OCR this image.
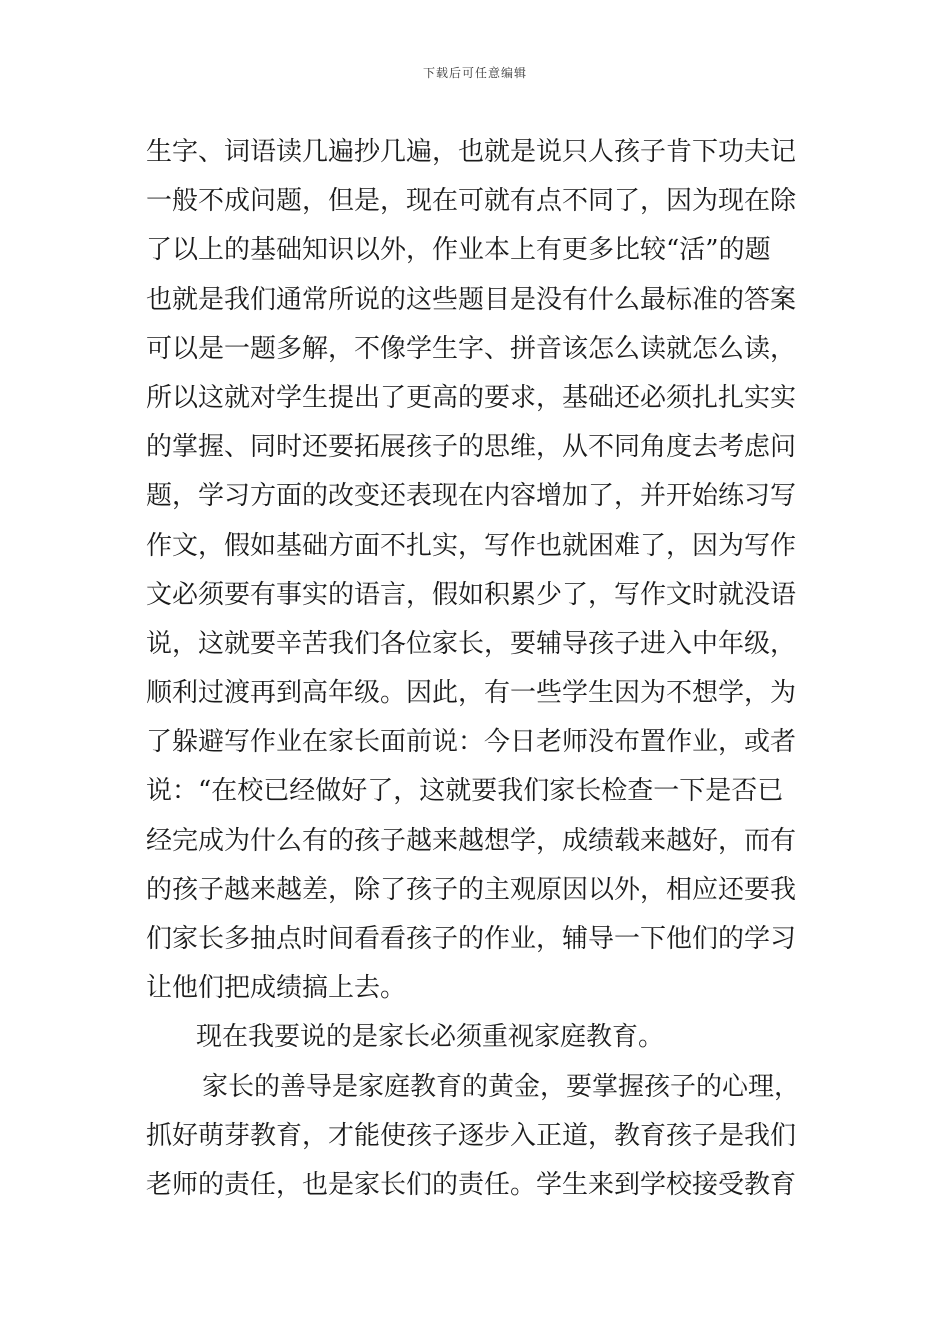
下载后可任意编辑
生字、词语读几遍抄几遍，也就是说只人孩子肯下功夫记
一般不成问题，但是，现在可就有点不同了，因为现在除
了以上的基础知识以外，作业本上有更多比较“活”的题
也就是我们通常所说的这些题目是没有什么最标准的答案
可以是一题多解，不像学生字、拼音该怎么读就怎么读，
所以这就对学生提出了更高的要求，基础还必须扎扎实实
的掌握、同时还要拓展孩子的思维，从不同角度去考虑问
题，学习方面的改变还表现在内容增加了，并开始练习写
作文，假如基础方面不扎实，写作也就困难了，因为写作
文必须要有事实的语言，假如积累少了，写作文时就没语
说，这就要辛苦我们各位家长，要辅导孩子进入中年级，
顺利过渡再到高年级。因此，有一些学生因为不想学，为
了躲避写作业在家长面前说：今日老师没布置作业，或者
说：“在校已经做好了，这就要我们家长检查一下是否已
经完成为什么有的孩子越来越想学，成绩载来越好，而有
的孩子越来越差，除了孩子的主观原因以外，相应还要我
们家长多抽点时间看看孩子的作业，辅导一下他们的学习
让他们把成绩搞上去。
现在我要说的是家长必须重视家庭教育。
家长的善导是家庭教育的黄金，要掌握孩子的心理，
抓好萌芽教育，才能使孩子逐步入正道，教育孩子是我们
老师的责任，也是家长们的责任。学生来到学校接受教育
